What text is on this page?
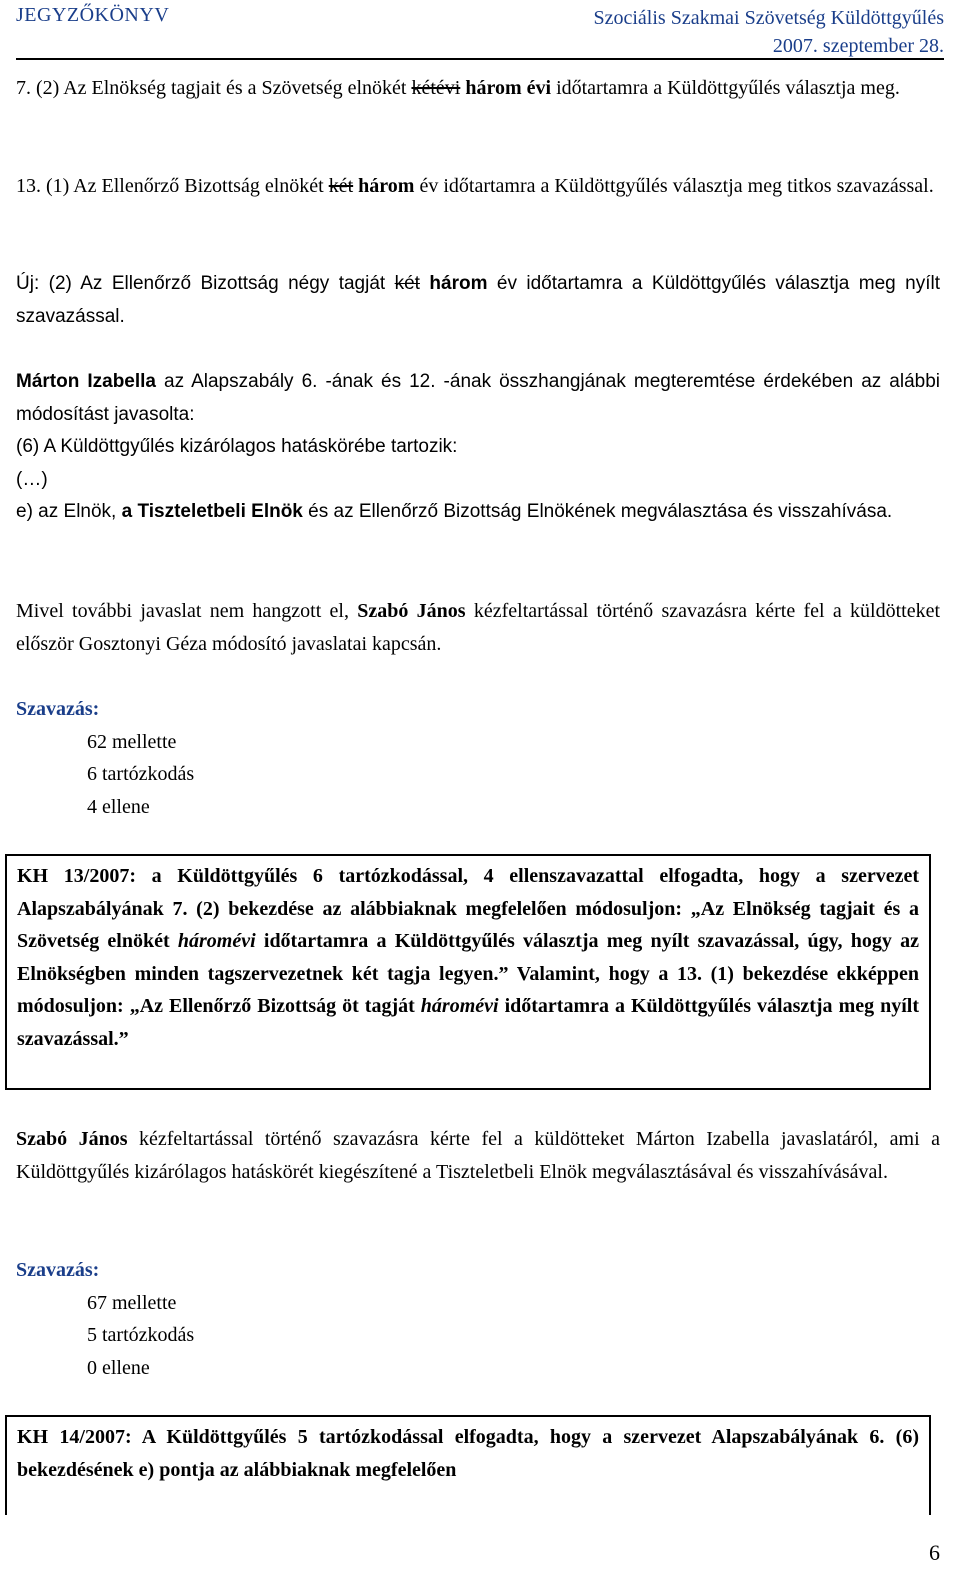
JEGYZŐKÖNYV	Szociális Szakmai Szövetség Küldöttgyűlés
2007. szeptember 28.

7. (2) Az Elnökség tagjait és a Szövetség elnökét kétévi három évi időtartamra a Küldöttgyűlés választja meg.

13. (1) Az Ellenőrző Bizottság elnökét két három év időtartamra a Küldöttgyűlés választja meg titkos szavazással.

Új: (2) Az Ellenőrző Bizottság négy tagját két három év időtartamra a Küldöttgyűlés választja meg nyílt szavazással.

Márton Izabella az Alapszabály 6. -ának és 12. -ának összhangjának megteremtése érdekében az alábbi módosítást javasolta:

(6) A Küldöttgyűlés kizárólagos hatáskörébe tartozik:

(…)

e) az Elnök, a Tiszteletbeli Elnök és az Ellenőrző Bizottság Elnökének megválasztása és visszahívása.

Mivel további javaslat nem hangzott el, Szabó János kézfeltartással történő szavazásra kérte fel a küldötteket először Gosztonyi Géza módosító javaslatai kapcsán.

Szavazás:
62 mellette
6 tartózkodás
4 ellene
KH 13/2007: a Küldöttgyűlés 6 tartózkodással, 4 ellenszavazattal elfogadta, hogy a szervezet Alapszabályának 7. (2) bekezdése az alábbiaknak megfelelően módosuljon: „Az Elnökség tagjait és a Szövetség elnökét háromévi időtartamra a Küldöttgyűlés választja meg nyílt szavazással, úgy, hogy az Elnökségben minden tagszervezetnek két tagja legyen.” Valamint, hogy a 13. (1) bekezdése ekképpen módosuljon: „Az Ellenőrző Bizottság öt tagját háromévi időtartamra a Küldöttgyűlés választja meg nyílt szavazással.”

Szabó János kézfeltartással történő szavazásra kérte fel a küldötteket Márton Izabella javaslatáról, ami a Küldöttgyűlés kizárólagos hatáskörét kiegészítené a Tiszteletbeli Elnök megválasztásával és visszahívásával.

Szavazás:
67 mellette
5 tartózkodás
0 ellene
KH 14/2007: A Küldöttgyűlés 5 tartózkodással elfogadta, hogy a szervezet Alapszabályának 6. (6) bekezdésének e) pontja az alábbiaknak megfelelően
6
